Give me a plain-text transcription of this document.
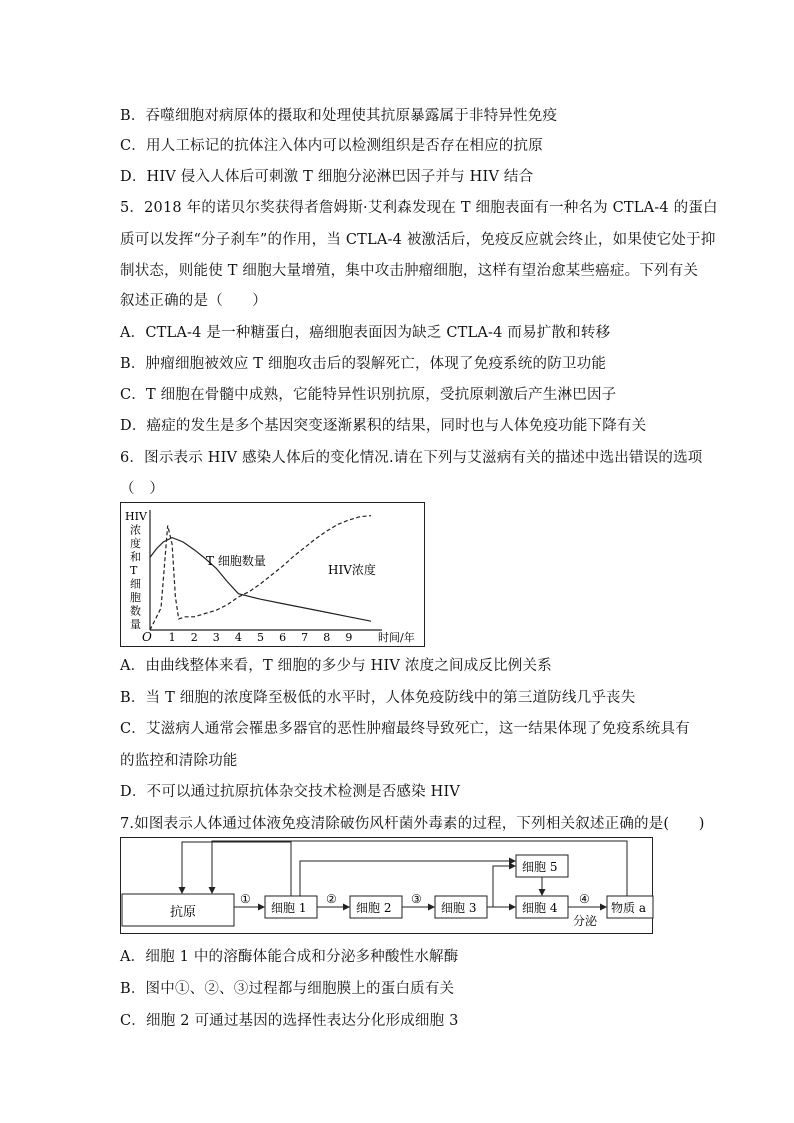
B．吞噬细胞对病原体的摄取和处理使其抗原暴露属于非特异性免疫
C．用人工标记的抗体注入体内可以检测组织是否存在相应的抗原
D．HIV 侵入人体后可刺激 T 细胞分泌淋巴因子并与 HIV 结合
5．2018 年的诺贝尔奖获得者詹姆斯·艾利森发现在 T 细胞表面有一种名为 CTLA-4 的蛋白
质可以发挥“分子刹车”的作用，当 CTLA-4 被激活后，免疫反应就会终止，如果使它处于抑
制状态，则能使 T 细胞大量增殖，集中攻击肿瘤细胞，这样有望治愈某些癌症。下列有关
叙述正确的是（　　）
A．CTLA-4 是一种糖蛋白，癌细胞表面因为缺乏 CTLA-4 而易扩散和转移
B．肿瘤细胞被效应 T 细胞攻击后的裂解死亡，体现了免疫系统的防卫功能
C．T 细胞在骨髓中成熟，它能特异性识别抗原，受抗原刺激后产生淋巴因子
D．癌症的发生是多个基因突变逐渐累积的结果，同时也与人体免疫功能下降有关
6．图示表示 HIV 感染人体后的变化情况.请在下列与艾滋病有关的描述中选出错误的选项
（　）
HIV
浓
度
和
T
细
胞
数
量
O 1 2 3 4 5 6 7 8 9 时间/年
T 细胞数量
HIV浓度
A．由曲线整体来看，T 细胞的多少与 HIV 浓度之间成反比例关系
B．当 T 细胞的浓度降至极低的水平时，人体免疫防线中的第三道防线几乎丧失
C．艾滋病人通常会罹患多器官的恶性肿瘤最终导致死亡，这一结果体现了免疫系统具有
的监控和清除功能
D．不可以通过抗原抗体杂交技术检测是否感染 HIV
7.如图表示人体通过体液免疫清除破伤风杆菌外毒素的过程，下列相关叙述正确的是(　　)
抗原	细胞 1	细胞 2	细胞 3
细胞 5
细胞 4	物质 a
①	②	③	④
分泌
A．细胞 1 中的溶酶体能合成和分泌多种酸性水解酶
B．图中①、②、③过程都与细胞膜上的蛋白质有关
C．细胞 2 可通过基因的选择性表达分化形成细胞 3
